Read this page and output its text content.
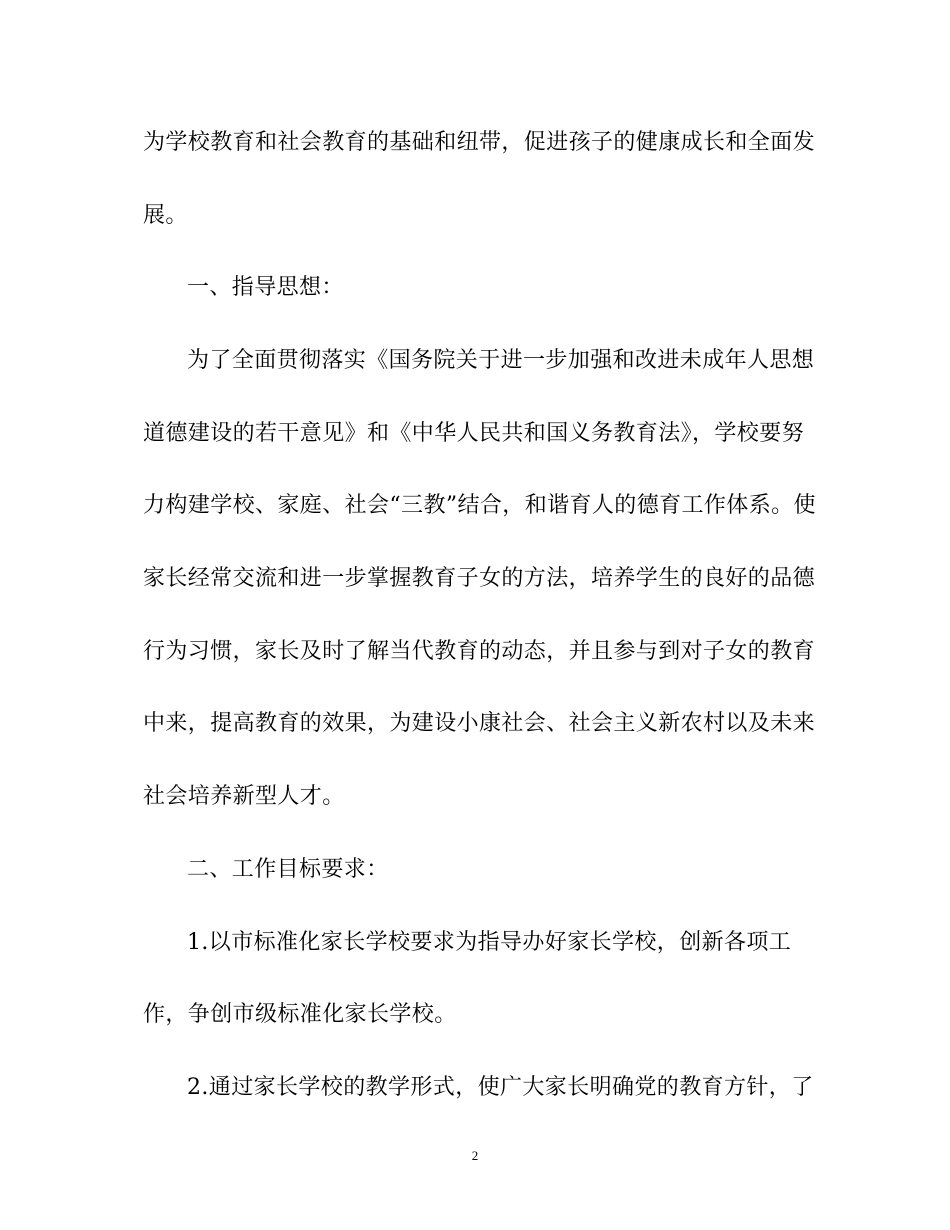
为学校教育和社会教育的基础和纽带，促进孩子的健康成长和全面发
展。
一、指导思想：
为了全面贯彻落实《国务院关于进一步加强和改进未成年人思想
道德建设的若干意见》和《中华人民共和国义务教育法》，学校要努
力构建学校、家庭、社会“三教”结合，和谐育人的德育工作体系。使
家长经常交流和进一步掌握教育子女的方法，培养学生的良好的品德
行为习惯，家长及时了解当代教育的动态，并且参与到对子女的教育
中来，提高教育的效果，为建设小康社会、社会主义新农村以及未来
社会培养新型人才。
二、工作目标要求：
1.以市标准化家长学校要求为指导办好家长学校，创新各项工
作，争创市级标准化家长学校。
2.通过家长学校的教学形式，使广大家长明确党的教育方针，了
2
